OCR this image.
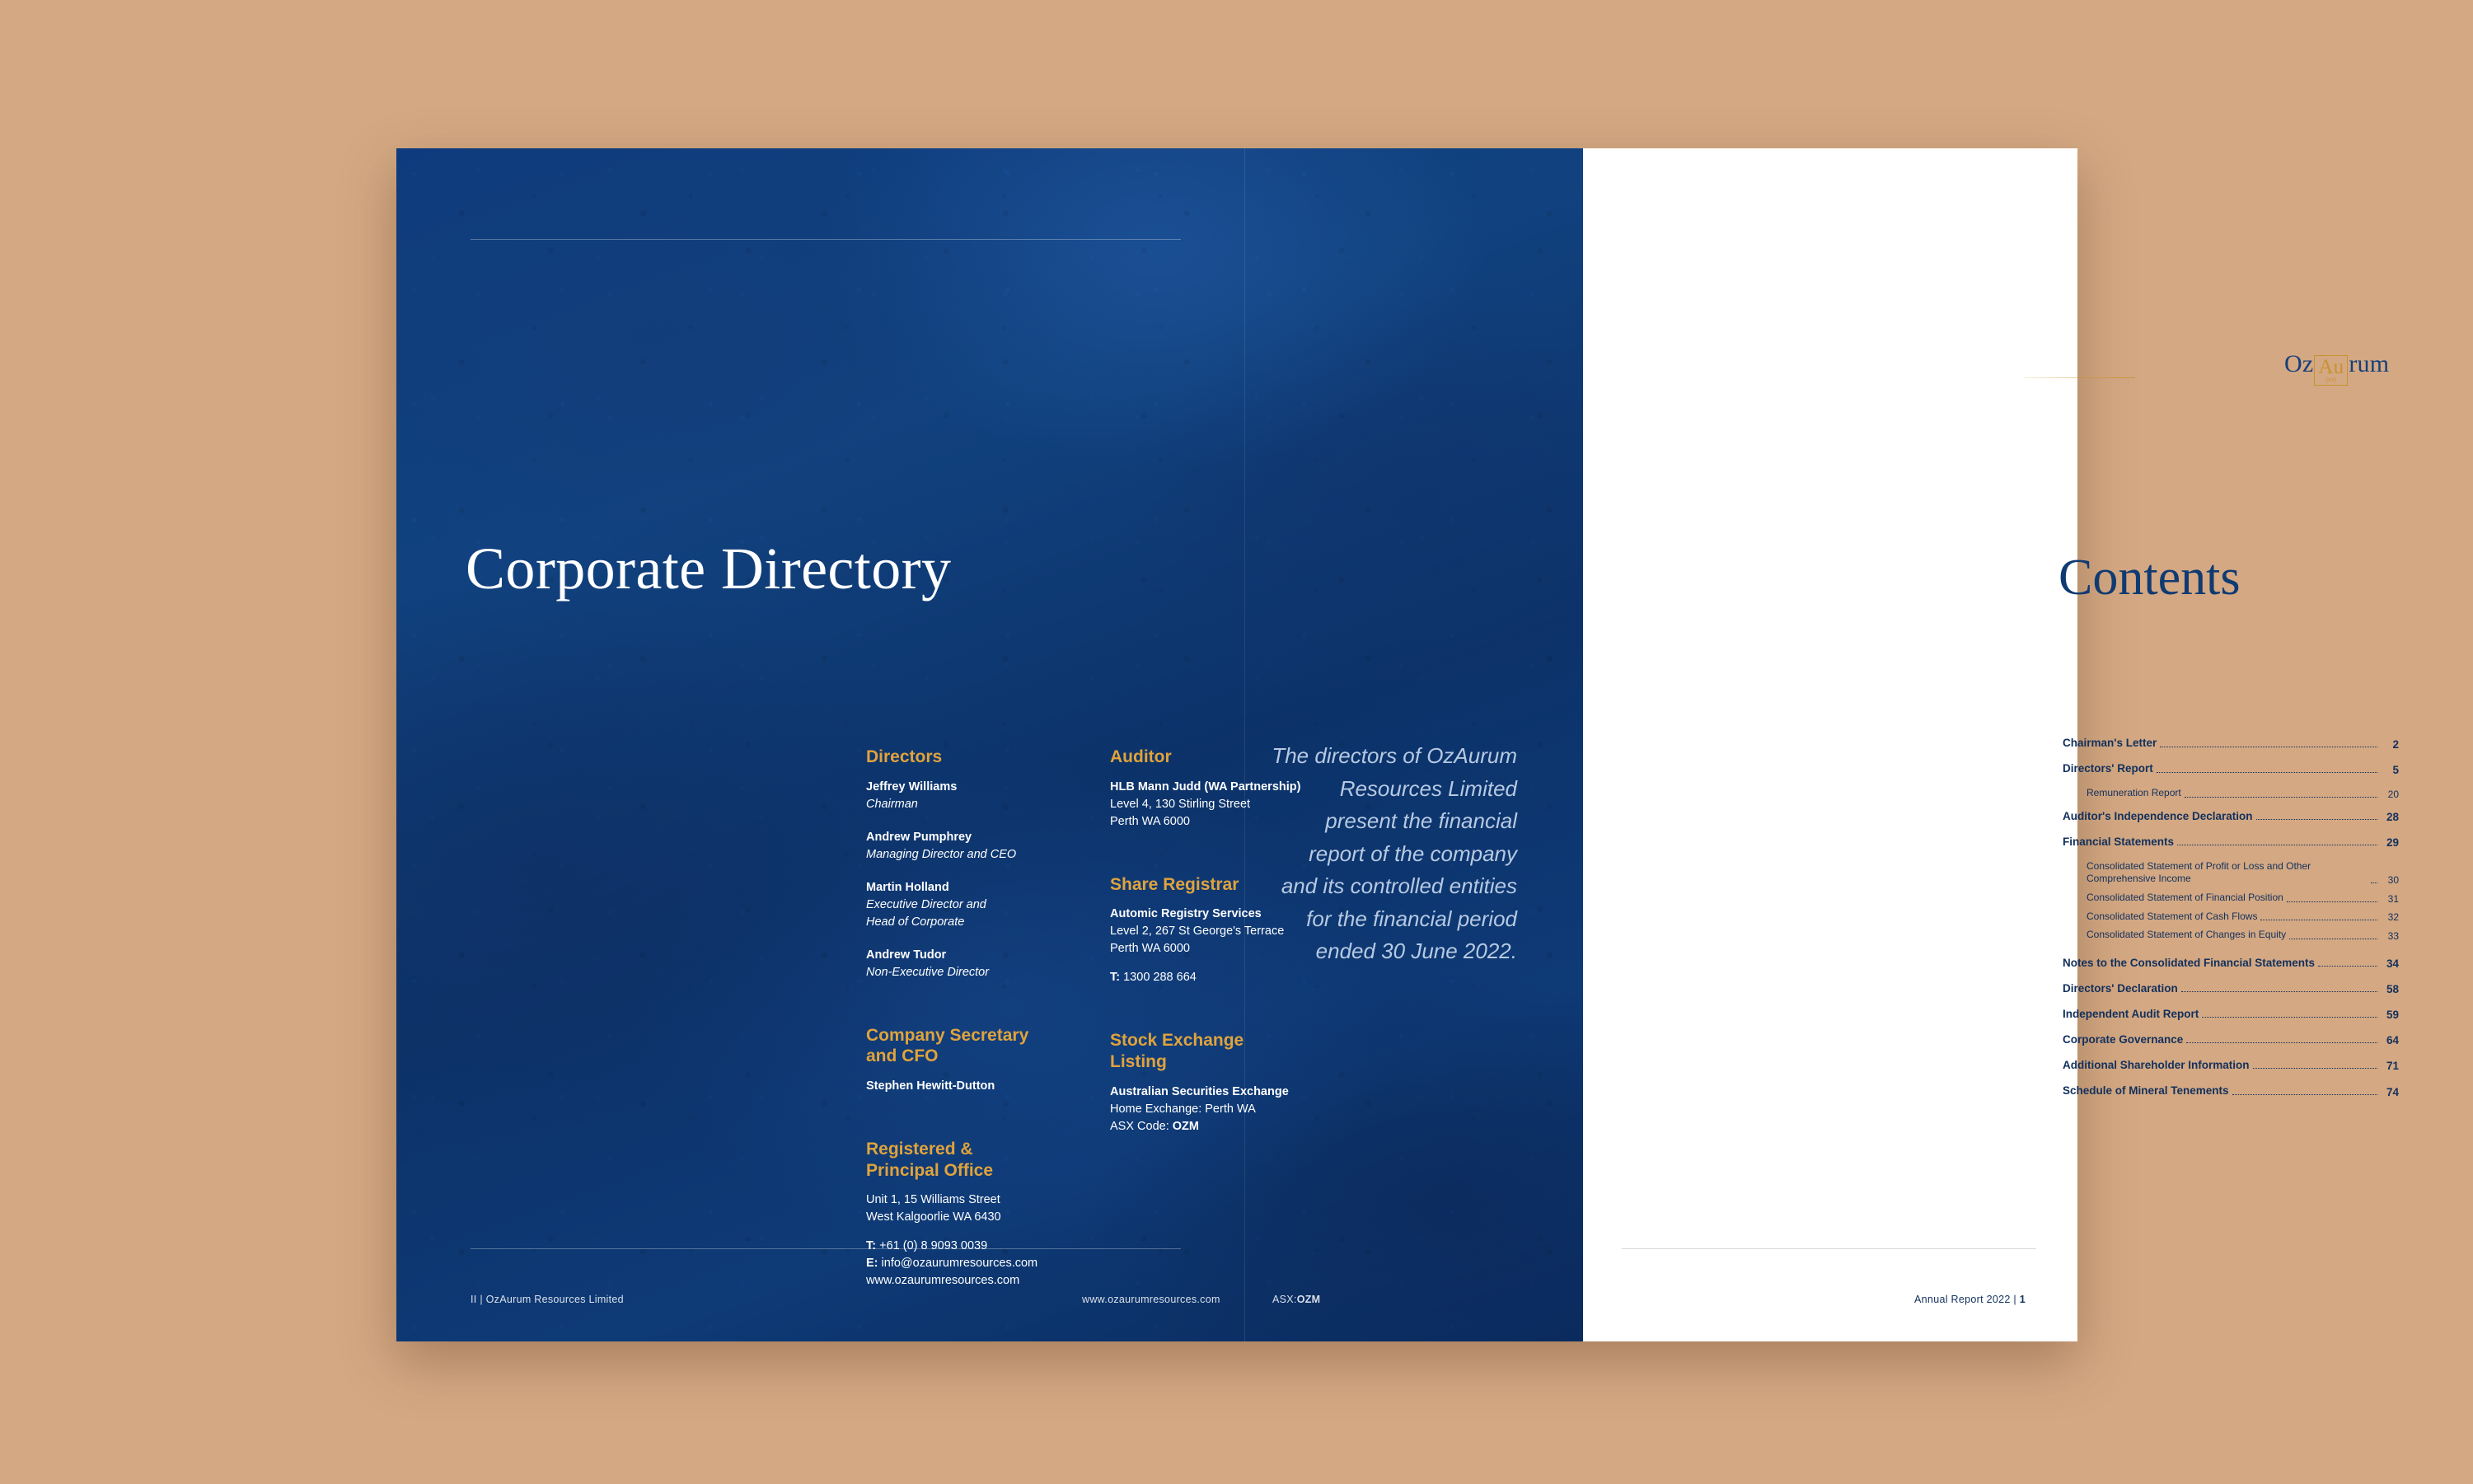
Corporate Directory
Directors

Jeffrey Williams

Chairman

Andrew Pumphrey

Managing Director and CEO

Martin Holland

Executive Director and
Head of Corporate

Andrew Tudor

Non-Executive Director

Company Secretary
and CFO

Stephen Hewitt-Dutton

Registered &
Principal Office

Unit 1, 15 Williams Street

West Kalgoorlie WA 6430

T: +61 (0) 8 9093 0039

E: info@ozaurumresources.com

www.ozaurumresources.com

Auditor

HLB Mann Judd (WA Partnership)

Level 4, 130 Stirling Street

Perth WA 6000

Share Registrar

Automic Registry Services

Level 2, 267 St George's Terrace

Perth WA 6000

T: 1300 288 664

Stock Exchange
Listing

Australian Securities Exchange

Home Exchange: Perth WA

ASX Code: OZM

The directors of OzAurum Resources Limited present the financial report of the company and its controlled entities for the financial period ended 30 June 2022.
II | OzAurum Resources Limited	www.ozaurumresources.com	ASX:OZM
Oz Au
(xx)
rum
Contents
Chairman's Letter	2
Directors' Report	5
Remuneration Report	20
Auditor's Independence Declaration	28
Financial Statements	29
Consolidated Statement of Profit or Loss and Other Comprehensive Income	30
Consolidated Statement of Financial Position	31
Consolidated Statement of Cash Flows	32
Consolidated Statement of Changes in Equity	33
Notes to the Consolidated Financial Statements	34
Directors' Declaration	58
Independent Audit Report	59
Corporate Governance	64
Additional Shareholder Information	71
Schedule of Mineral Tenements	74
Annual Report 2022 | 1
